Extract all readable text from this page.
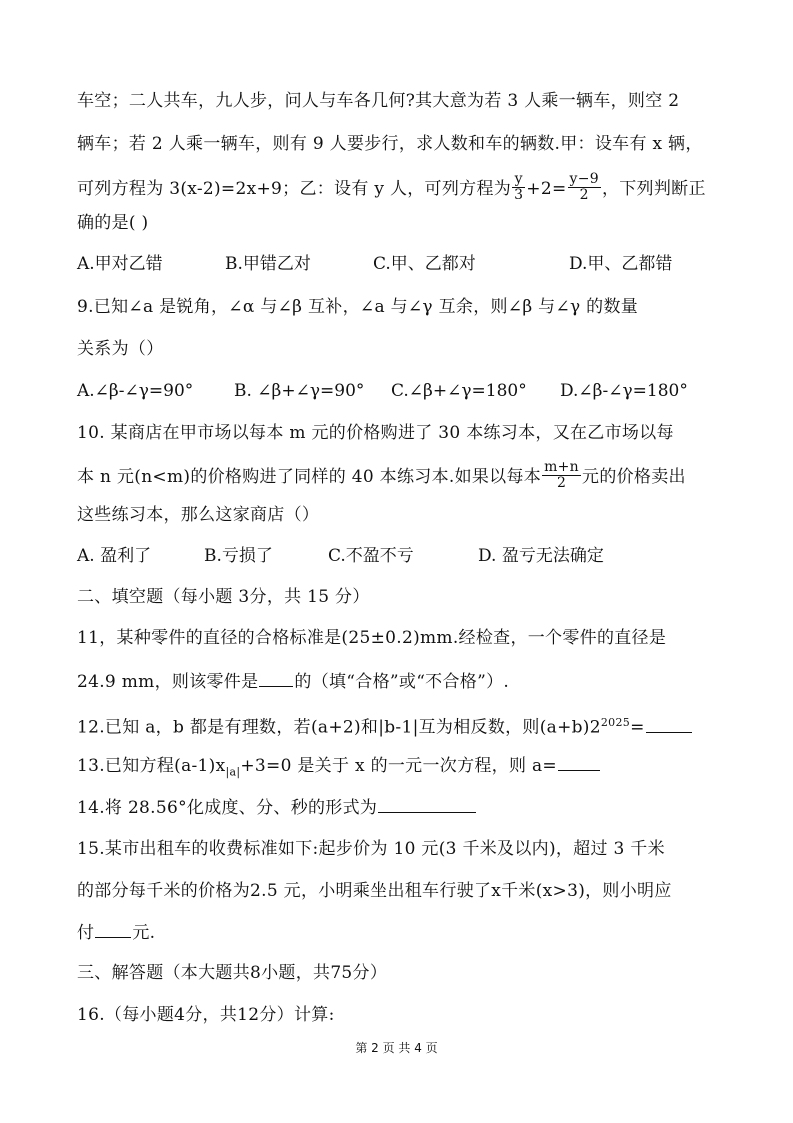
车空；二人共车，九人步，问人与车各几何?其大意为若 3 人乘一辆车，则空 2
辆车；若 2 人乘一辆车，则有 9 人要步行，求人数和车的辆数.甲：设车有 x 辆，
可列方程为 3(x-2)=2x+9；乙：设有 y 人，可列方程为 $\frac{y}{3} +2= \frac{y-9}{2}$ ，下列判断正
确的是( )
A.甲对乙错	B.甲错乙对	C.甲、乙都对	D.甲、乙都错
9.已知∠a 是锐角，∠α 与∠β 互补，∠a 与∠γ 互余，则∠β 与∠γ 的数量
关系为（）
A.∠β-∠γ=90° B. ∠β+∠γ=90° C.∠β+∠γ=180° D.∠β-∠γ=180°
10. 某商店在甲市场以每本 m 元的价格购进了 30 本练习本，又在乙市场以每
本 n 元(n<m)的价格购进了同样的 40 本练习本.如果以每本 $\frac{m+n}{2}$ 元的价格卖出
这些练习本，那么这家商店（）
A. 盈利了	B.亏损了	C.不盈不亏	D. 盈亏无法确定
二、填空题（每小题 3分，共 15 分）
11，某种零件的直径的合格标准是(25±0.2)mm.经检查，一个零件的直径是
24.9 mm，则该零件是 的（填“合格”或“不合格”）.
12.已知 a，b 都是有理数，若(a+2)和|b-1|互为相反数，则$(a+b)2^{2025}=$
13.已知方程$(a-1)x_{|a|}+3=0$ 是关于 x 的一元一次方程，则 a=
14.将 28.56°化成度、分、秒的形式为
15.某市出租车的收费标准如下:起步价为 10 元(3 千米及以内)，超过 3 千米
的部分每千米的价格为2.5 元，小明乘坐出租车行驶了x千米(x>3)，则小明应
付 元.
三、解答题（本大题共8小题，共75分）
16.（每小题4分，共12分）计算:
第 2 页 共 4 页
